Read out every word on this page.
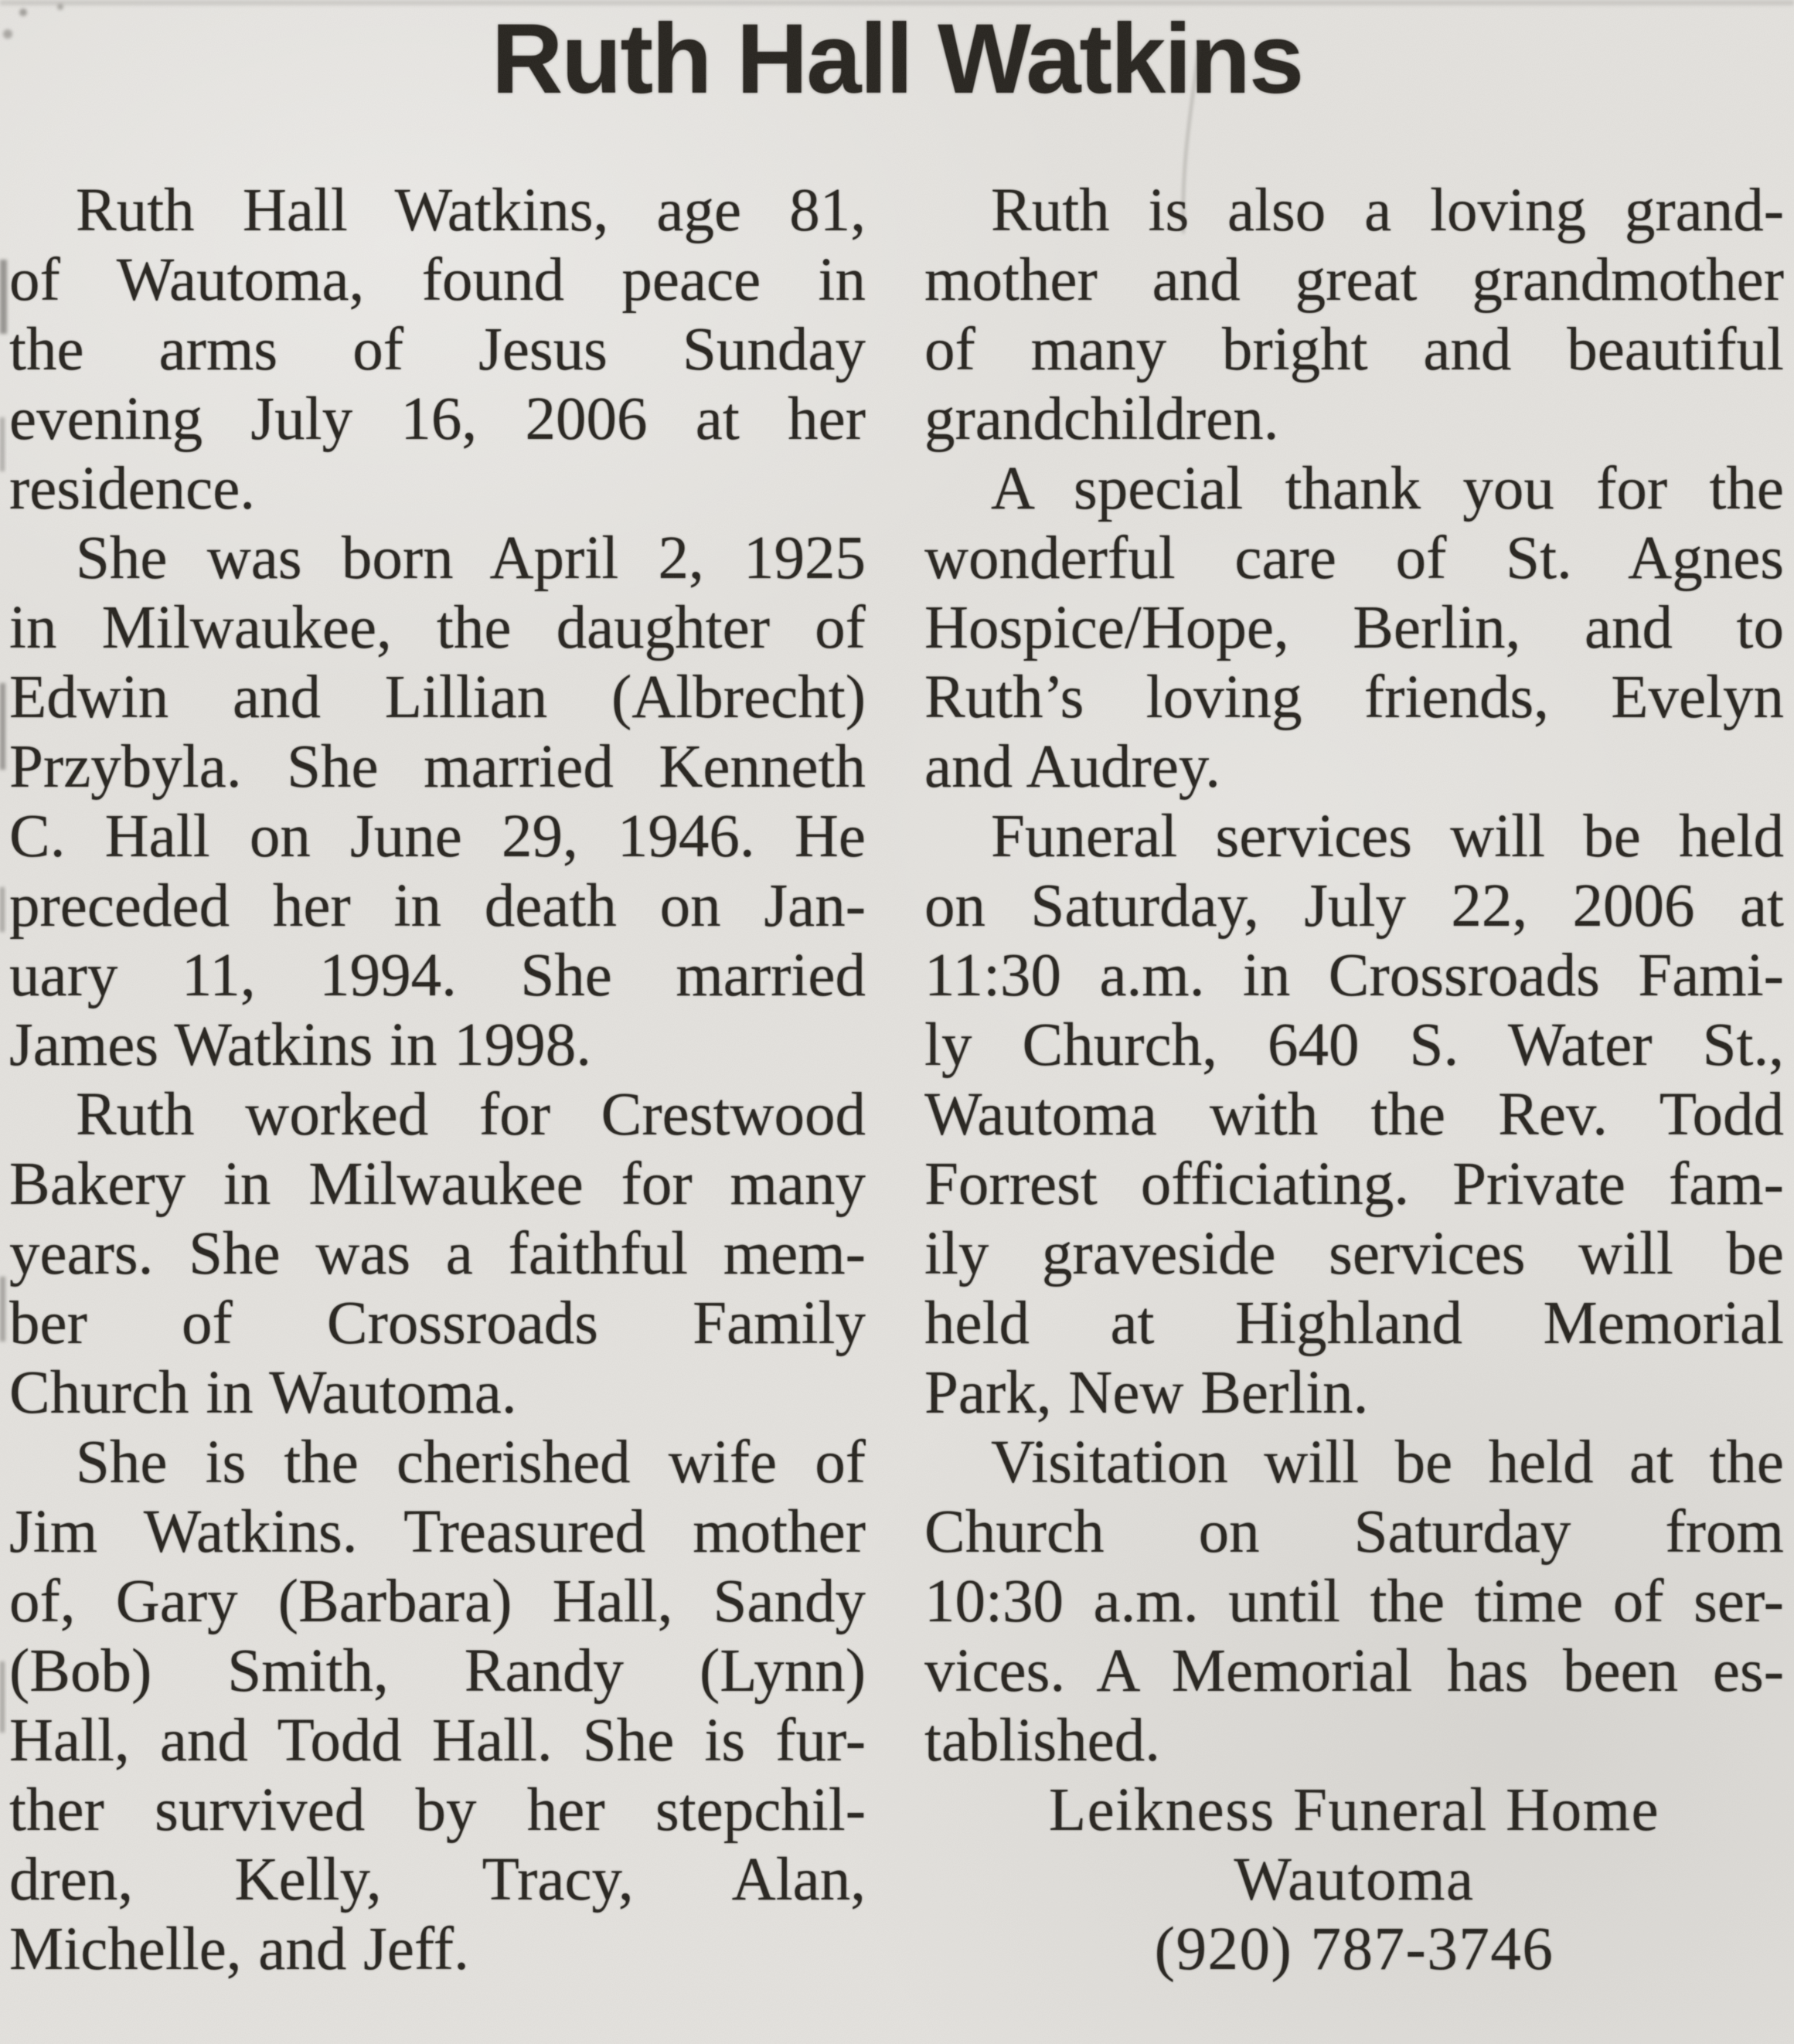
Ruth Hall Watkins
Ruth Hall Watkins, age 81,
of Wautoma, found peace in
the arms of Jesus Sunday
evening July 16, 2006 at her
residence.
She was born April 2, 1925
in Milwaukee, the daughter of
Edwin and Lillian (Albrecht)
Przybyla. She married Kenneth
C. Hall on June 29, 1946. He
preceded her in death on Jan-
uary 11, 1994. She married
James Watkins in 1998.
Ruth worked for Crestwood
Bakery in Milwaukee for many
years. She was a faithful mem-
ber of Crossroads Family
Church in Wautoma.
She is the cherished wife of
Jim Watkins. Treasured mother
of, Gary (Barbara) Hall, Sandy
(Bob) Smith, Randy (Lynn)
Hall, and Todd Hall. She is fur-
ther survived by her stepchil-
dren, Kelly, Tracy, Alan,
Michelle, and Jeff.
Ruth is also a loving grand-
mother and great grandmother
of many bright and beautiful
grandchildren.
A special thank you for the
wonderful care of St. Agnes
Hospice/Hope, Berlin, and to
Ruth’s loving friends, Evelyn
and Audrey.
Funeral services will be held
on Saturday, July 22, 2006 at
11:30 a.m. in Crossroads Fami-
ly Church, 640 S. Water St.,
Wautoma with the Rev. Todd
Forrest officiating. Private fam-
ily graveside services will be
held at Highland Memorial
Park, New Berlin.
Visitation will be held at the
Church on Saturday from
10:30 a.m. until the time of ser-
vices. A Memorial has been es-
tablished.
Leikness Funeral Home
Wautoma
(920) 787-3746
